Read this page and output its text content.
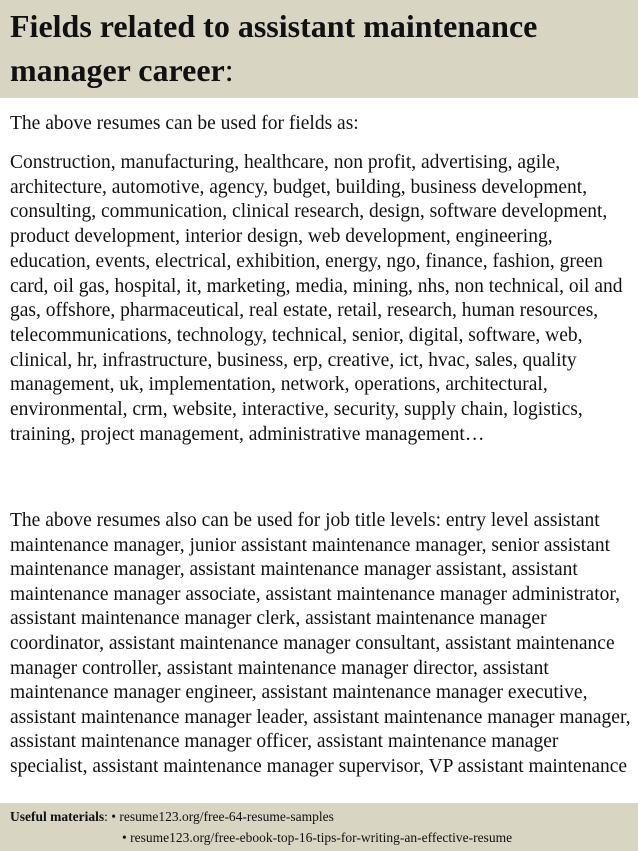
Fields related to assistant maintenance manager career:

The above resumes can be used for fields as:

Construction, manufacturing, healthcare, non profit, advertising, agile, architecture, automotive, agency, budget, building, business development, consulting, communication, clinical research, design, software development, product development, interior design, web development, engineering, education, events, electrical, exhibition, energy, ngo, finance, fashion, green card, oil gas, hospital, it, marketing, media, mining, nhs, non technical, oil and gas, offshore, pharmaceutical, real estate, retail, research, human resources, telecommunications, technology, technical, senior, digital, software, web, clinical, hr, infrastructure, business, erp, creative, ict, hvac, sales, quality management, uk, implementation, network, operations, architectural, environmental, crm, website, interactive, security, supply chain, logistics, training, project management, administrative management…

The above resumes also can be used for job title levels: entry level assistant maintenance manager, junior assistant maintenance manager, senior assistant maintenance manager, assistant maintenance manager assistant, assistant maintenance manager associate, assistant maintenance manager administrator, assistant maintenance manager clerk, assistant maintenance manager coordinator, assistant maintenance manager consultant, assistant maintenance manager controller, assistant maintenance manager director, assistant maintenance manager engineer, assistant maintenance manager executive, assistant maintenance manager leader, assistant maintenance manager manager, assistant maintenance manager officer, assistant maintenance manager specialist, assistant maintenance manager supervisor, VP assistant maintenance

Useful materials: • resume123.org/free-64-resume-samples
• resume123.org/free-ebook-top-16-tips-for-writing-an-effective-resume
